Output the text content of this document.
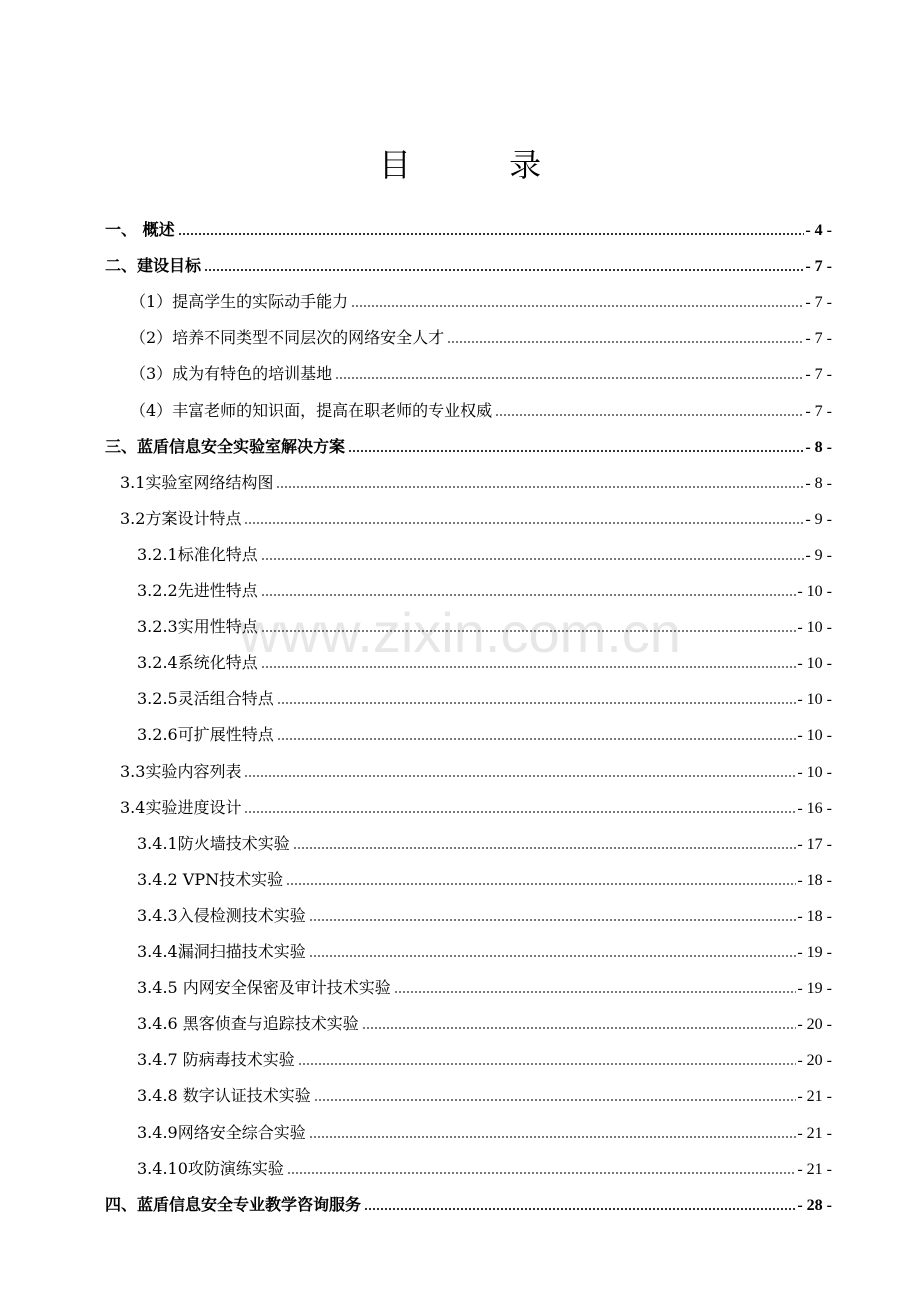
目 录
www.zixin.com.cn
一、 概述	- 4 -
二、建设目标	- 7 -
（1）提高学生的实际动手能力	- 7 -
（2）培养不同类型不同层次的网络安全人才	- 7 -
（3）成为有特色的培训基地	- 7 -
（4）丰富老师的知识面，提高在职老师的专业权威	- 7 -
三、蓝盾信息安全实验室解决方案	- 8 -
3.1实验室网络结构图	- 8 -
3.2方案设计特点	- 9 -
3.2.1标准化特点	- 9 -
3.2.2先进性特点	- 10 -
3.2.3实用性特点	- 10 -
3.2.4系统化特点	- 10 -
3.2.5灵活组合特点	- 10 -
3.2.6可扩展性特点	- 10 -
3.3实验内容列表	- 10 -
3.4实验进度设计	- 16 -
3.4.1防火墙技术实验	- 17 -
3.4.2 VPN技术实验	- 18 -
3.4.3入侵检测技术实验	- 18 -
3.4.4漏洞扫描技术实验	- 19 -
3.4.5 内网安全保密及审计技术实验	- 19 -
3.4.6 黑客侦查与追踪技术实验	- 20 -
3.4.7 防病毒技术实验	- 20 -
3.4.8 数字认证技术实验	- 21 -
3.4.9网络安全综合实验	- 21 -
3.4.10攻防演练实验	- 21 -
四、蓝盾信息安全专业教学咨询服务	- 28 -
